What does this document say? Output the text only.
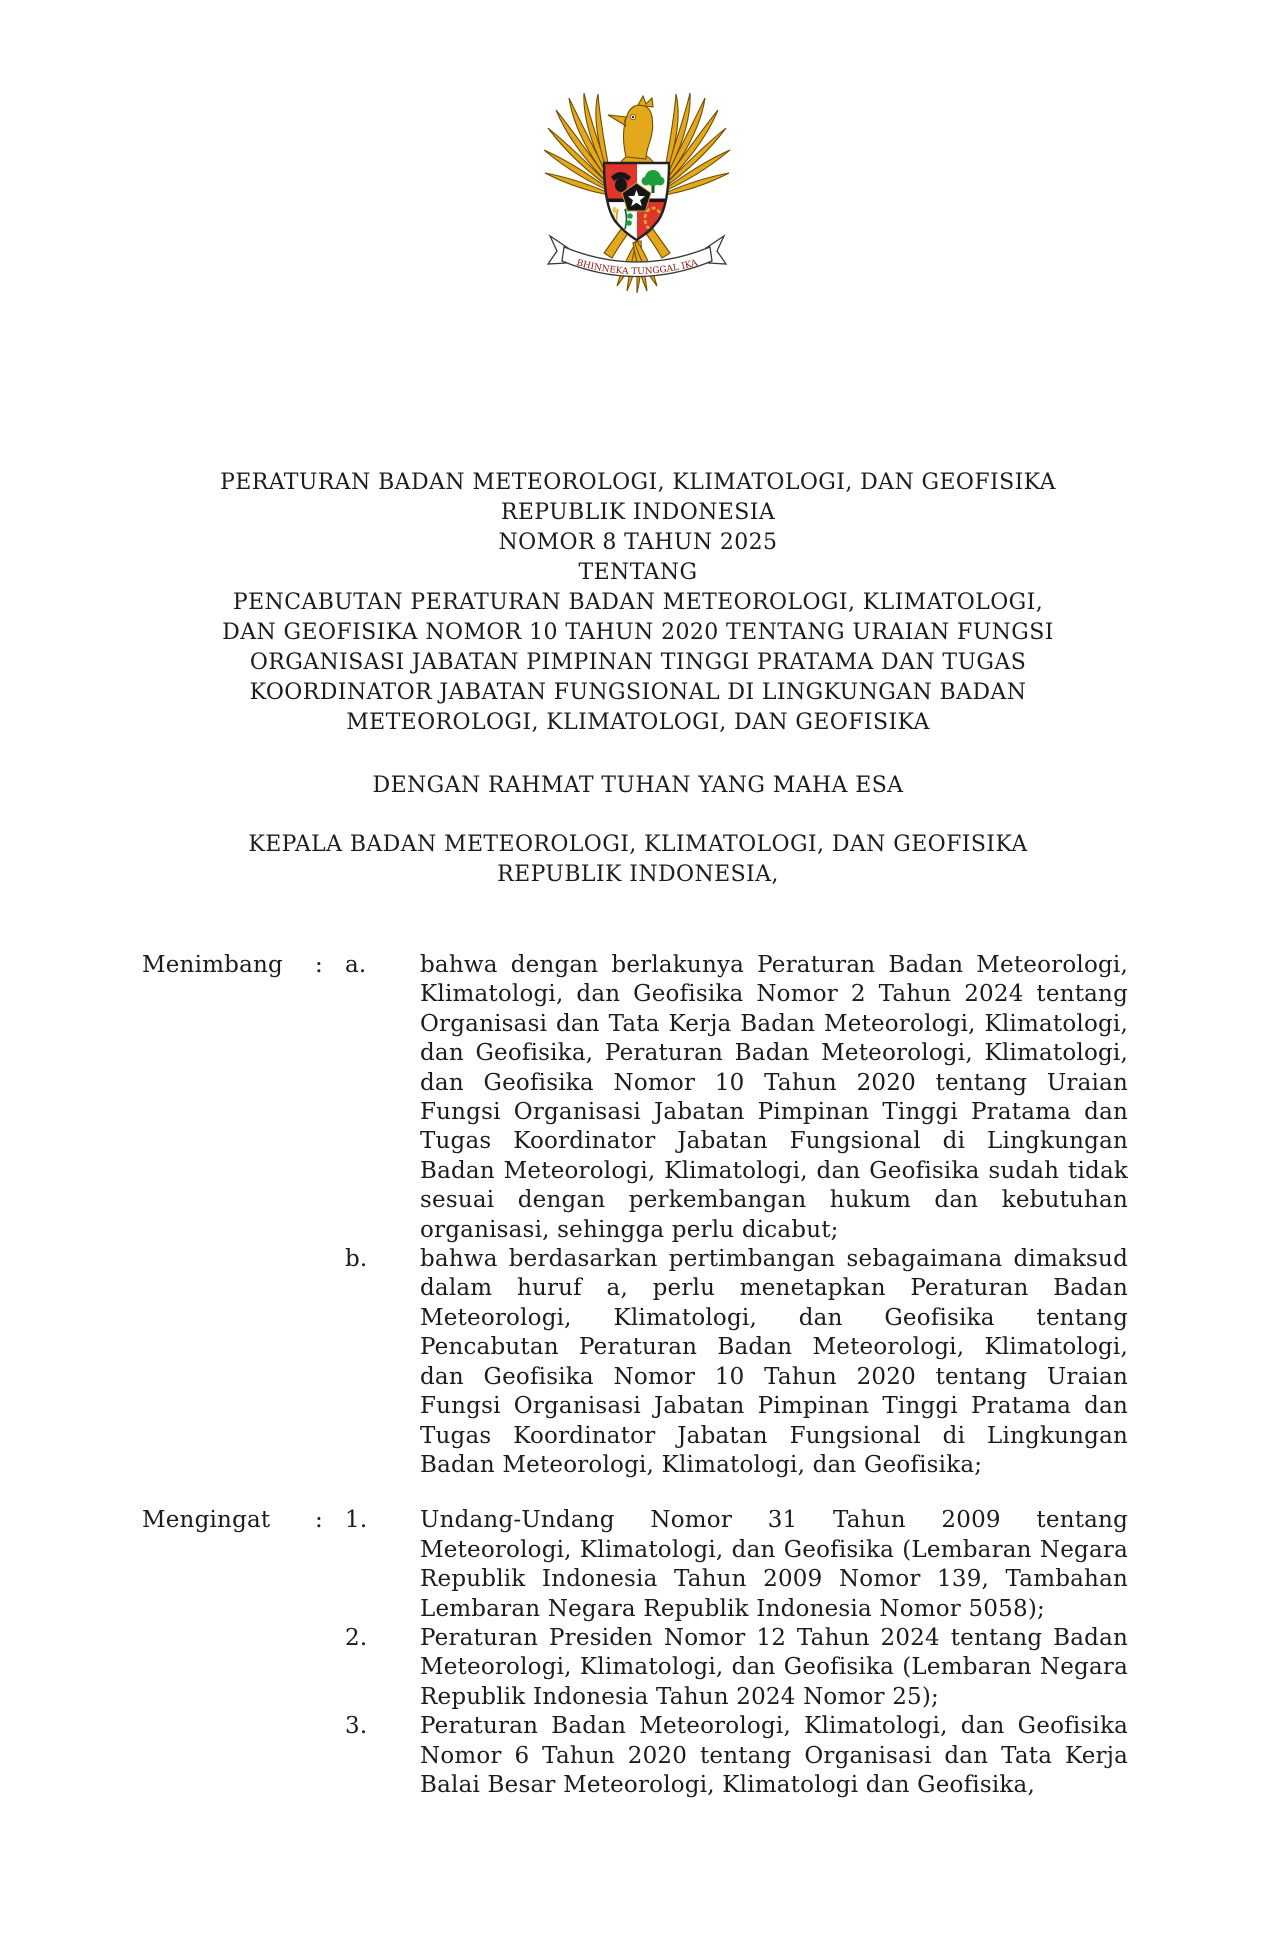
BHINNEKA TUNGGAL IKA
PERATURAN BADAN METEOROLOGI, KLIMATOLOGI, DAN GEOFISIKA
REPUBLIK INDONESIA
NOMOR 8 TAHUN 2025
TENTANG
PENCABUTAN PERATURAN BADAN METEOROLOGI, KLIMATOLOGI,
DAN GEOFISIKA NOMOR 10 TAHUN 2020 TENTANG URAIAN FUNGSI
ORGANISASI JABATAN PIMPINAN TINGGI PRATAMA DAN TUGAS
KOORDINATOR JABATAN FUNGSIONAL DI LINGKUNGAN BADAN
METEOROLOGI, KLIMATOLOGI, DAN GEOFISIKA
DENGAN RAHMAT TUHAN YANG MAHA ESA
KEPALA BADAN METEOROLOGI, KLIMATOLOGI, DAN GEOFISIKA
REPUBLIK INDONESIA,
Menimbang	: a.	bahwa dengan berlakunya Peraturan Badan Meteorologi, Klimatologi, dan Geofisika Nomor 2 Tahun 2024 tentang Organisasi dan Tata Kerja Badan Meteorologi, Klimatologi, dan Geofisika, Peraturan Badan Meteorologi, Klimatologi, dan Geofisika Nomor 10 Tahun 2020 tentang Uraian Fungsi Organisasi Jabatan Pimpinan Tinggi Pratama dan Tugas Koordinator Jabatan Fungsional di Lingkungan Badan Meteorologi, Klimatologi, dan Geofisika sudah tidak sesuai dengan perkembangan hukum dan kebutuhan organisasi, sehingga perlu dicabut;
b.	bahwa berdasarkan pertimbangan sebagaimana dimaksud dalam huruf a, perlu menetapkan Peraturan Badan Meteorologi, Klimatologi, dan Geofisika tentang Pencabutan Peraturan Badan Meteorologi, Klimatologi, dan Geofisika Nomor 10 Tahun 2020 tentang Uraian Fungsi Organisasi Jabatan Pimpinan Tinggi Pratama dan Tugas Koordinator Jabatan Fungsional di Lingkungan Badan Meteorologi, Klimatologi, dan Geofisika;
Mengingat	: 1.	Undang-Undang Nomor 31 Tahun 2009 tentang Meteorologi, Klimatologi, dan Geofisika (Lembaran Negara Republik Indonesia Tahun 2009 Nomor 139, Tambahan Lembaran Negara Republik Indonesia Nomor 5058);
2.	Peraturan Presiden Nomor 12 Tahun 2024 tentang Badan Meteorologi, Klimatologi, dan Geofisika (Lembaran Negara Republik Indonesia Tahun 2024 Nomor 25);
3.	Peraturan Badan Meteorologi, Klimatologi, dan Geofisika Nomor 6 Tahun 2020 tentang Organisasi dan Tata Kerja Balai Besar Meteorologi, Klimatologi dan Geofisika,
